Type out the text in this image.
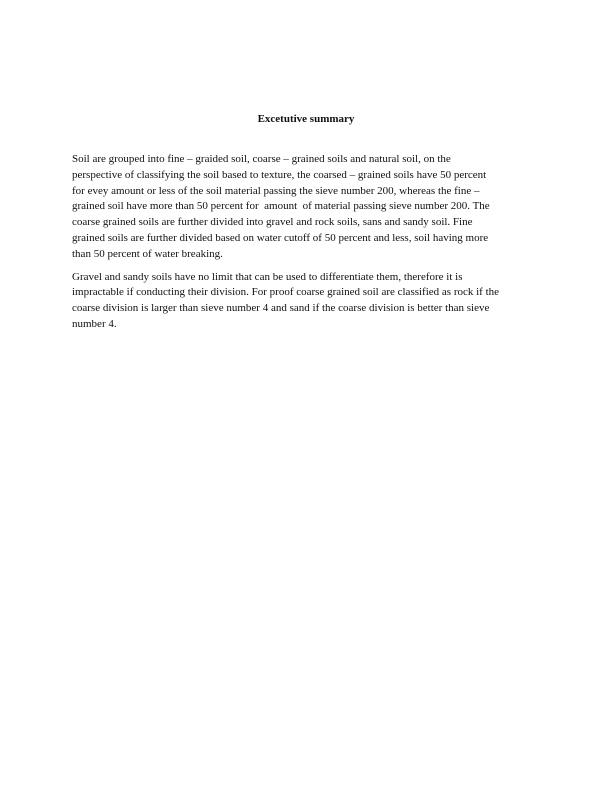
Excetutive summary

Soil are grouped into fine – graided soil, coarse – grained soils and natural soil, on the
perspective of classifying the soil based to texture, the coarsed – grained soils have 50 percent
for evey amount or less of the soil material passing the sieve number 200, whereas the fine –
grained soil have more than 50 percent for  amount  of material passing sieve number 200. The
coarse grained soils are further divided into gravel and rock soils, sans and sandy soil. Fine
grained soils are further divided based on water cutoff of 50 percent and less, soil having more
than 50 percent of water breaking.

Gravel and sandy soils have no limit that can be used to differentiate them, therefore it is
impractable if conducting their division. For proof coarse grained soil are classified as rock if the
coarse division is larger than sieve number 4 and sand if the coarse division is better than sieve
number 4.
